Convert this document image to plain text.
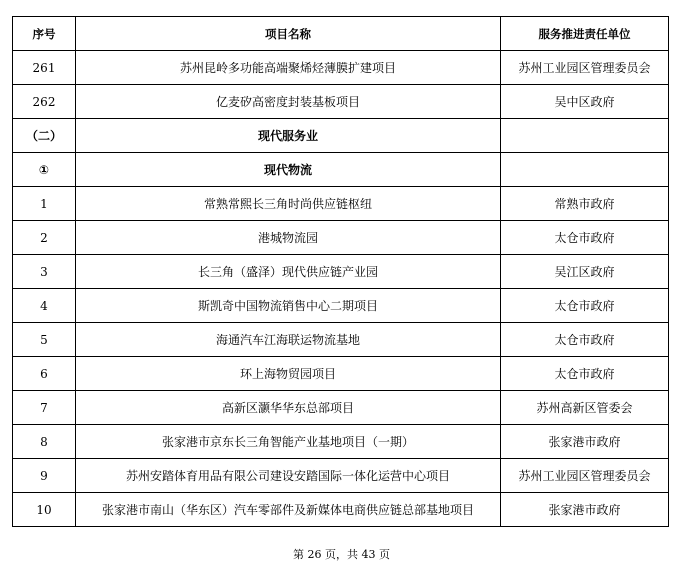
序号	项目名称	服务推进责任单位
261	苏州昆岭多功能高端聚烯烃薄膜扩建项目	苏州工业园区管理委员会
262	亿麦矽高密度封装基板项目	吴中区政府
（二）	现代服务业	
①	现代物流	
1	常熟常熙长三角时尚供应链枢纽	常熟市政府
2	港城物流园	太仓市政府
3	长三角（盛泽）现代供应链产业园	吴江区政府
4	斯凯奇中国物流销售中心二期项目	太仓市政府
5	海通汽车江海联运物流基地	太仓市政府
6	环上海物贸园项目	太仓市政府
7	高新区灏华华东总部项目	苏州高新区管委会
8	张家港市京东长三角智能产业基地项目（一期）	张家港市政府
9	苏州安踏体育用品有限公司建设安踏国际一体化运营中心项目	苏州工业园区管理委员会
10	张家港市南山（华东区）汽车零部件及新媒体电商供应链总部基地项目	张家港市政府
第 26 页，共 43 页
